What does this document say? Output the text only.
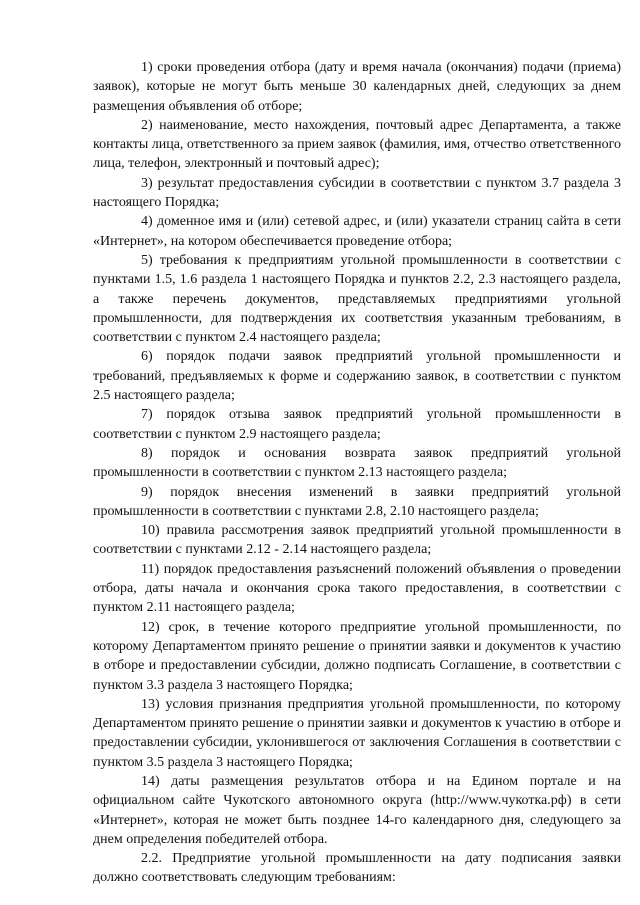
1) сроки проведения отбора (дату и время начала (окончания) подачи (приема) заявок), которые не могут быть меньше 30 календарных дней, следующих за днем размещения объявления об отборе;

2) наименование, место нахождения, почтовый адрес Департамента, а также контакты лица, ответственного за прием заявок (фамилия, имя, отчество ответственного лица, телефон, электронный и почтовый адрес);

3) результат предоставления субсидии в соответствии с пунктом 3.7 раздела 3 настоящего Порядка;

4) доменное имя и (или) сетевой адрес, и (или) указатели страниц сайта в сети «Интернет», на котором обеспечивается проведение отбора;

5) требования к предприятиям угольной промышленности в соответствии с пунктами 1.5, 1.6 раздела 1 настоящего Порядка и пунктов 2.2, 2.3 настоящего раздела, а также перечень документов, представляемых предприятиями угольной промышленности, для подтверждения их соответствия указанным требованиям, в соответствии с пунктом 2.4 настоящего раздела;

6) порядок подачи заявок предприятий угольной промышленности и требований, предъявляемых к форме и содержанию заявок, в соответствии с пунктом 2.5 настоящего раздела;

7) порядок отзыва заявок предприятий угольной промышленности в соответствии с пунктом 2.9 настоящего раздела;

8) порядок и основания возврата заявок предприятий угольной промышленности в соответствии с пунктом 2.13 настоящего раздела;

9) порядок внесения изменений в заявки предприятий угольной промышленности в соответствии с пунктами 2.8, 2.10 настоящего раздела;

10) правила рассмотрения заявок предприятий угольной промышленности в соответствии с пунктами 2.12 - 2.14 настоящего раздела;

11) порядок предоставления разъяснений положений объявления о проведении отбора, даты начала и окончания срока такого предоставления, в соответствии с пунктом 2.11 настоящего раздела;

12) срок, в течение которого предприятие угольной промышленности, по которому Департаментом принято решение о принятии заявки и документов к участию в отборе и предоставлении субсидии, должно подписать Соглашение, в соответствии с пунктом 3.3 раздела 3 настоящего Порядка;

13) условия признания предприятия угольной промышленности, по которому Департаментом принято решение о принятии заявки и документов к участию в отборе и предоставлении субсидии, уклонившегося от заключения Соглашения в соответствии с пунктом 3.5 раздела 3 настоящего Порядка;

14) даты размещения результатов отбора и на Едином портале и на официальном сайте Чукотского автономного округа (http://www.чукотка.рф) в сети «Интернет», которая не может быть позднее 14-го календарного дня, следующего за днем определения победителей отбора.

2.2. Предприятие угольной промышленности на дату подписания заявки должно соответствовать следующим требованиям:
